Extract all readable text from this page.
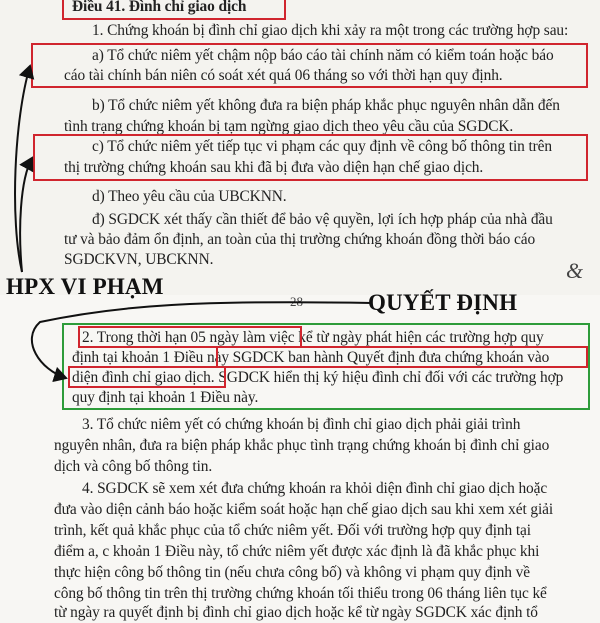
Điều 41. Đình chỉ giao dịch
1. Chứng khoán bị đình chỉ giao dịch khi xảy ra một trong các trường hợp sau:
a) Tổ chức niêm yết chậm nộp báo cáo tài chính năm có kiểm toán hoặc báo
cáo tài chính bán niên có soát xét quá 06 tháng so với thời hạn quy định.
b) Tổ chức niêm yết không đưa ra biện pháp khắc phục nguyên nhân dẫn đến
tình trạng chứng khoán bị tạm ngừng giao dịch theo yêu cầu của SGDCK.
c) Tổ chức niêm yết tiếp tục vi phạm các quy định về công bố thông tin trên
thị trường chứng khoán sau khi đã bị đưa vào diện hạn chế giao dịch.
d) Theo yêu cầu của UBCKNN.
đ) SGDCK xét thấy cần thiết để bảo vệ quyền, lợi ích hợp pháp của nhà đầu
tư và bảo đảm ổn định, an toàn của thị trường chứng khoán đồng thời báo cáo
SGDCKVN, UBCKNN.
HPX VI PHẠM
QUYẾT ĐỊNH
28
&
2. Trong thời hạn 05 ngày làm việc kể từ ngày phát hiện các trường hợp quy
định tại khoản 1 Điều này SGDCK ban hành Quyết định đưa chứng khoán vào
diện đình chỉ giao dịch. SGDCK hiển thị ký hiệu đình chỉ đối với các trường hợp
quy định tại khoản 1 Điều này.
3. Tổ chức niêm yết có chứng khoán bị đình chỉ giao dịch phải giải trình
nguyên nhân, đưa ra biện pháp khắc phục tình trạng chứng khoán bị đình chỉ giao
dịch và công bố thông tin.
4. SGDCK sẽ xem xét đưa chứng khoán ra khỏi diện đình chỉ giao dịch hoặc
đưa vào diện cảnh báo hoặc kiểm soát hoặc hạn chế giao dịch sau khi xem xét giải
trình, kết quả khắc phục của tổ chức niêm yết. Đối với trường hợp quy định tại
điểm a, c khoản 1 Điều này, tổ chức niêm yết được xác định là đã khắc phục khi
thực hiện công bố thông tin (nếu chưa công bố) và không vi phạm quy định về
công bố thông tin trên thị trường chứng khoán tối thiểu trong 06 tháng liên tục kể
từ ngày ra quyết định bị đình chỉ giao dịch hoặc kể từ ngày SGDCK xác định tổ
